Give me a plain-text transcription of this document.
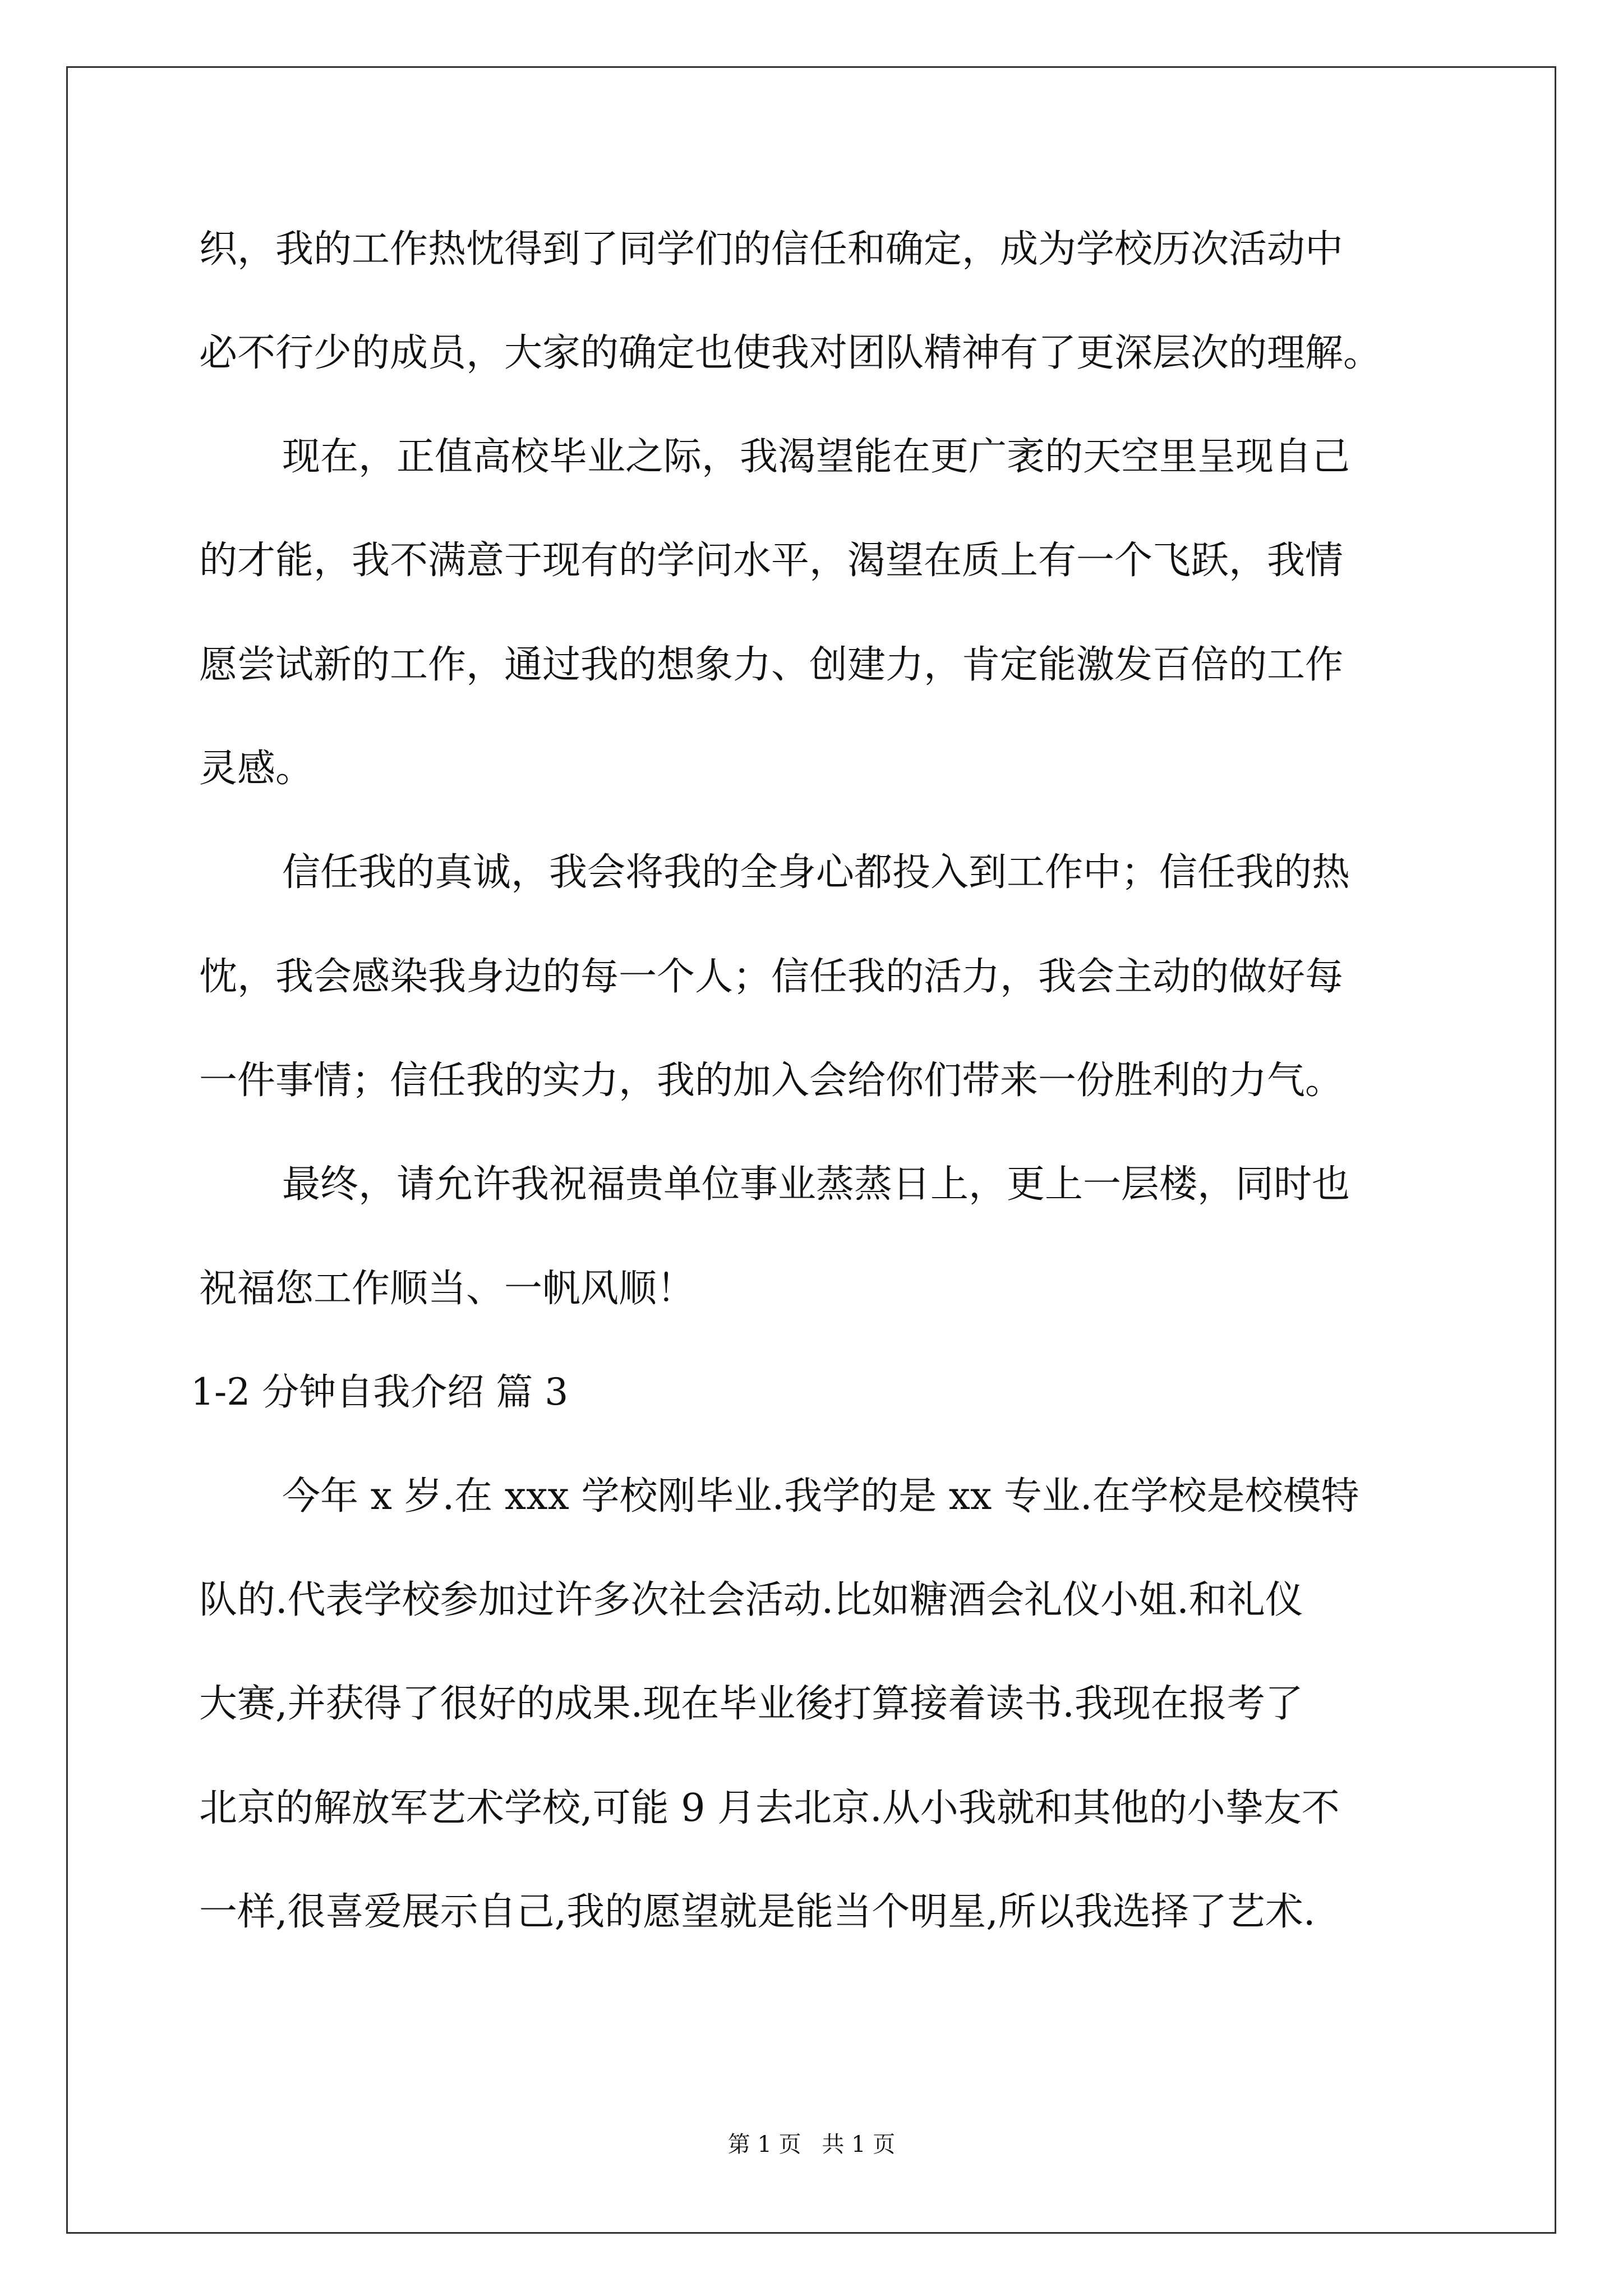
织，我的工作热忱得到了同学们的信任和确定，成为学校历次活动中
必不行少的成员，大家的确定也使我对团队精神有了更深层次的理解。
现在，正值高校毕业之际，我渴望能在更广袤的天空里呈现自己
的才能，我不满意于现有的学问水平，渴望在质上有一个飞跃，我情
愿尝试新的工作，通过我的想象力、创建力，肯定能激发百倍的工作
灵感。
信任我的真诚，我会将我的全身心都投入到工作中；信任我的热
忱，我会感染我身边的每一个人；信任我的活力，我会主动的做好每
一件事情；信任我的实力，我的加入会给你们带来一份胜利的力气。
最终，请允许我祝福贵单位事业蒸蒸日上，更上一层楼，同时也
祝福您工作顺当、一帆风顺！
1-2 分钟自我介绍 篇 3
今年 x 岁.在 xxx 学校刚毕业.我学的是 xx 专业.在学校是校模特
队的.代表学校参加过许多次社会活动.比如糖酒会礼仪小姐.和礼仪
大赛,并获得了很好的成果.现在毕业後打算接着读书.我现在报考了
北京的解放军艺术学校,可能 9 月去北京.从小我就和其他的小挚友不
一样,很喜爱展示自己,我的愿望就是能当个明星,所以我选择了艺术.
第 1 页 共 1 页
